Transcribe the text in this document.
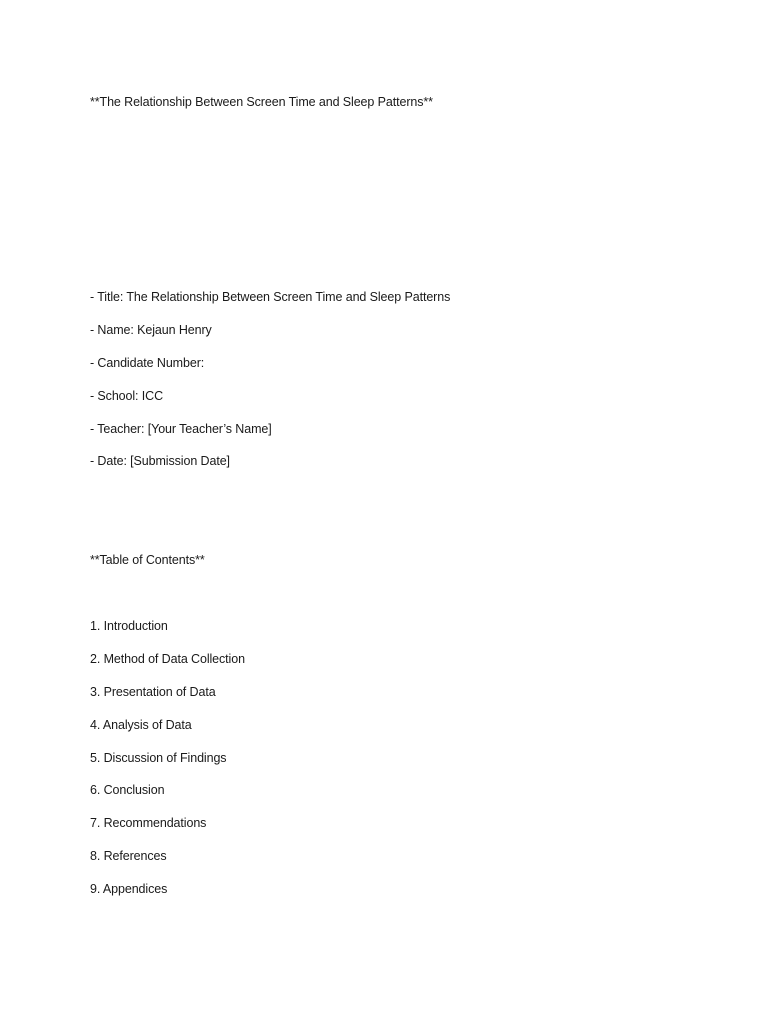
**The Relationship Between Screen Time and Sleep Patterns**
- Title: The Relationship Between Screen Time and Sleep Patterns
- Name: Kejaun Henry
- Candidate Number:
- School: ICC
- Teacher: [Your Teacher’s Name]
- Date: [Submission Date]
**Table of Contents**
1. Introduction
2. Method of Data Collection
3. Presentation of Data
4. Analysis of Data
5. Discussion of Findings
6. Conclusion
7. Recommendations
8. References
9. Appendices
